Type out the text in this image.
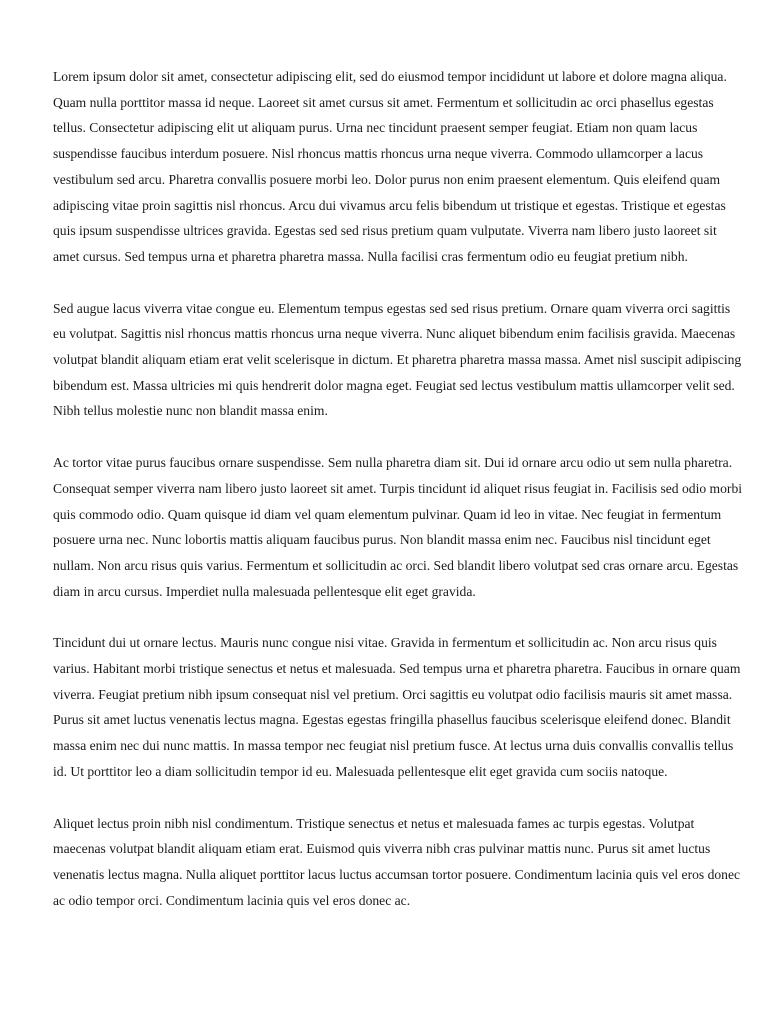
Lorem ipsum dolor sit amet, consectetur adipiscing elit, sed do eiusmod tempor incididunt ut labore et dolore magna aliqua. Quam nulla porttitor massa id neque. Laoreet sit amet cursus sit amet. Fermentum et sollicitudin ac orci phasellus egestas tellus. Consectetur adipiscing elit ut aliquam purus. Urna nec tincidunt praesent semper feugiat. Etiam non quam lacus suspendisse faucibus interdum posuere. Nisl rhoncus mattis rhoncus urna neque viverra. Commodo ullamcorper a lacus vestibulum sed arcu. Pharetra convallis posuere morbi leo. Dolor purus non enim praesent elementum. Quis eleifend quam adipiscing vitae proin sagittis nisl rhoncus. Arcu dui vivamus arcu felis bibendum ut tristique et egestas. Tristique et egestas quis ipsum suspendisse ultrices gravida. Egestas sed sed risus pretium quam vulputate. Viverra nam libero justo laoreet sit amet cursus. Sed tempus urna et pharetra pharetra massa. Nulla facilisi cras fermentum odio eu feugiat pretium nibh.

Sed augue lacus viverra vitae congue eu. Elementum tempus egestas sed sed risus pretium. Ornare quam viverra orci sagittis eu volutpat. Sagittis nisl rhoncus mattis rhoncus urna neque viverra. Nunc aliquet bibendum enim facilisis gravida. Maecenas volutpat blandit aliquam etiam erat velit scelerisque in dictum. Et pharetra pharetra massa massa. Amet nisl suscipit adipiscing bibendum est. Massa ultricies mi quis hendrerit dolor magna eget. Feugiat sed lectus vestibulum mattis ullamcorper velit sed. Nibh tellus molestie nunc non blandit massa enim.

Ac tortor vitae purus faucibus ornare suspendisse. Sem nulla pharetra diam sit. Dui id ornare arcu odio ut sem nulla pharetra. Consequat semper viverra nam libero justo laoreet sit amet. Turpis tincidunt id aliquet risus feugiat in. Facilisis sed odio morbi quis commodo odio. Quam quisque id diam vel quam elementum pulvinar. Quam id leo in vitae. Nec feugiat in fermentum posuere urna nec. Nunc lobortis mattis aliquam faucibus purus. Non blandit massa enim nec. Faucibus nisl tincidunt eget nullam. Non arcu risus quis varius. Fermentum et sollicitudin ac orci. Sed blandit libero volutpat sed cras ornare arcu. Egestas diam in arcu cursus. Imperdiet nulla malesuada pellentesque elit eget gravida.

Tincidunt dui ut ornare lectus. Mauris nunc congue nisi vitae. Gravida in fermentum et sollicitudin ac. Non arcu risus quis varius. Habitant morbi tristique senectus et netus et malesuada. Sed tempus urna et pharetra pharetra. Faucibus in ornare quam viverra. Feugiat pretium nibh ipsum consequat nisl vel pretium. Orci sagittis eu volutpat odio facilisis mauris sit amet massa. Purus sit amet luctus venenatis lectus magna. Egestas egestas fringilla phasellus faucibus scelerisque eleifend donec. Blandit massa enim nec dui nunc mattis. In massa tempor nec feugiat nisl pretium fusce. At lectus urna duis convallis convallis tellus id. Ut porttitor leo a diam sollicitudin tempor id eu. Malesuada pellentesque elit eget gravida cum sociis natoque.

Aliquet lectus proin nibh nisl condimentum. Tristique senectus et netus et malesuada fames ac turpis egestas. Volutpat maecenas volutpat blandit aliquam etiam erat. Euismod quis viverra nibh cras pulvinar mattis nunc. Purus sit amet luctus venenatis lectus magna. Nulla aliquet porttitor lacus luctus accumsan tortor posuere. Condimentum lacinia quis vel eros donec ac odio tempor orci. Condimentum lacinia quis vel eros donec ac.
